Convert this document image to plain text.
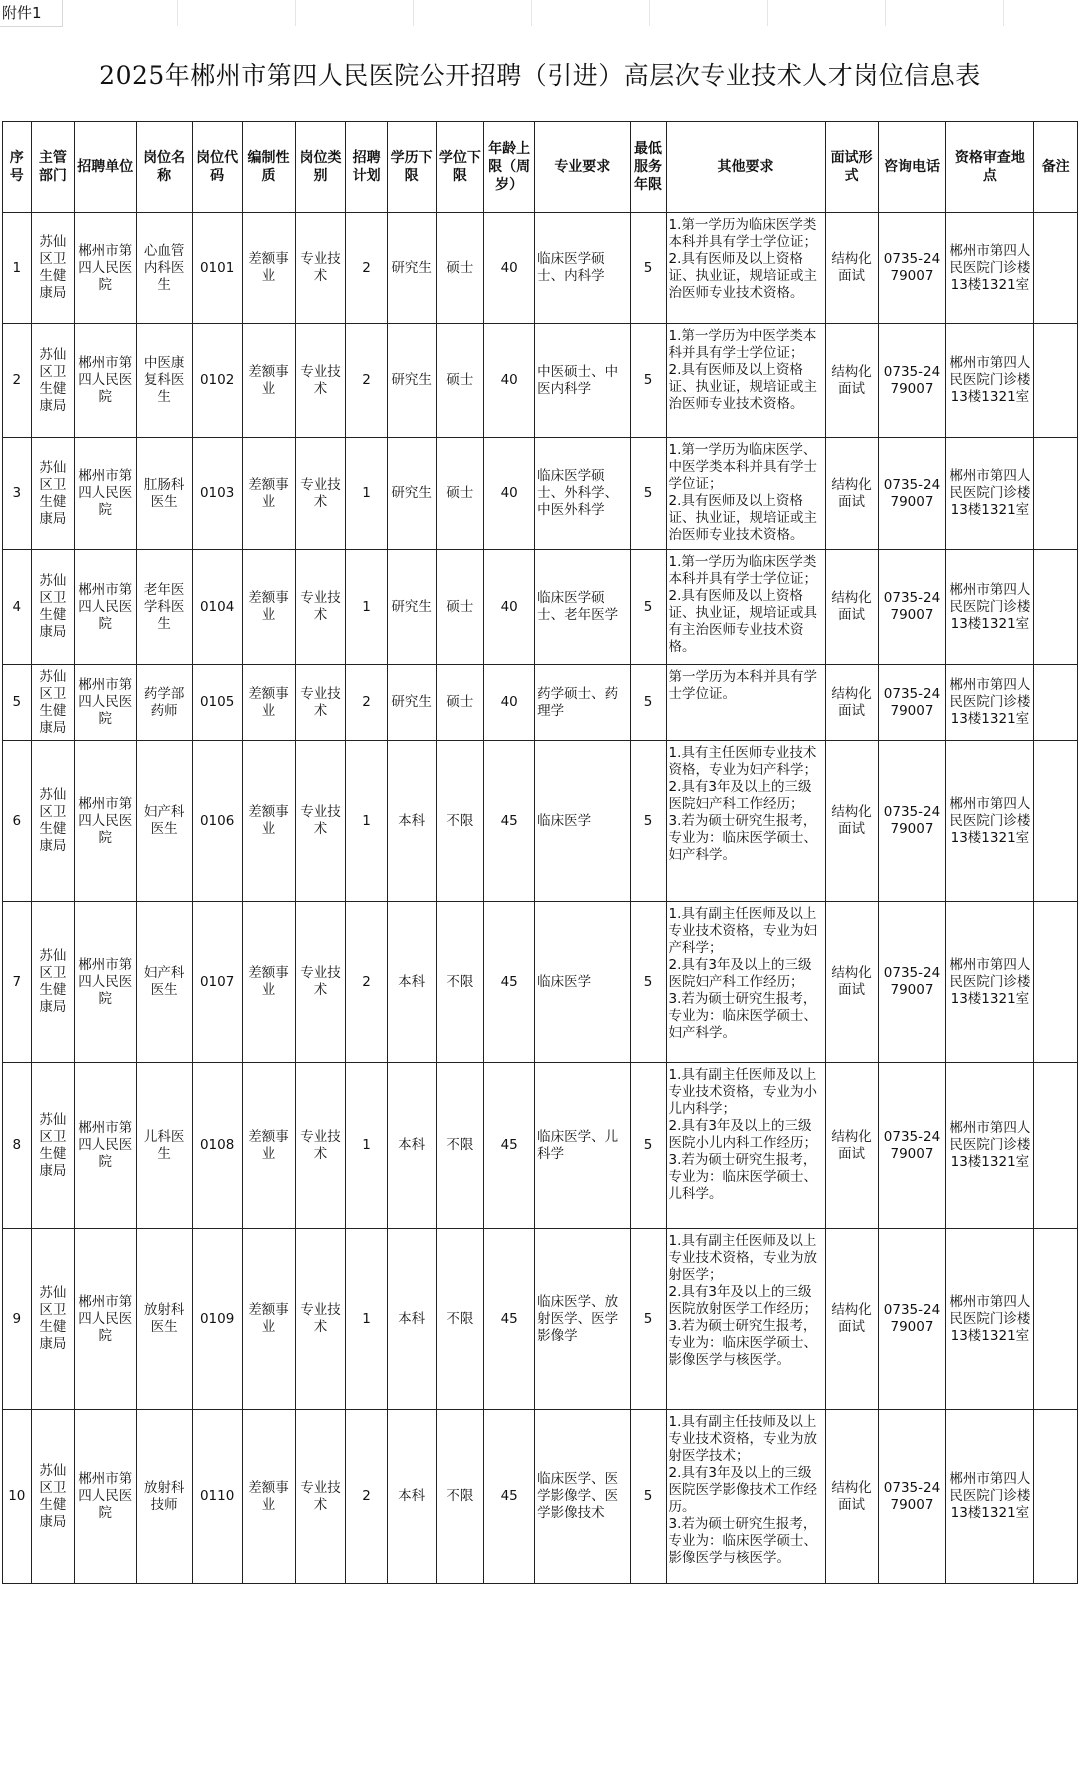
附件1
2025年郴州市第四人民医院公开招聘（引进）高层次专业技术人才岗位信息表
序号	主管部门	招聘单位	岗位名称	岗位代码	编制性质	岗位类别	招聘计划	学历下限	学位下限	年龄上限（周岁）	专业要求	最低服务年限	其他要求	面试形式	咨询电话	资格审查地点	备注
1	苏仙区卫生健康局	郴州市第四人民医院	心血管内科医生	0101	差额事业	专业技术	2	研究生	硕士	40	临床医学硕士、内科学	5	1.第一学历为临床医学类本科并具有学士学位证；
2.具有医师及以上资格证、执业证，规培证或主治医师专业技术资格。	结构化面试	0735-2479007	郴州市第四人民医院门诊楼13楼1321室	
2	苏仙区卫生健康局	郴州市第四人民医院	中医康复科医生	0102	差额事业	专业技术	2	研究生	硕士	40	中医硕士、中医内科学	5	1.第一学历为中医学类本科并具有学士学位证；
2.具有医师及以上资格证、执业证，规培证或主治医师专业技术资格。	结构化面试	0735-2479007	郴州市第四人民医院门诊楼13楼1321室	
3	苏仙区卫生健康局	郴州市第四人民医院	肛肠科医生	0103	差额事业	专业技术	1	研究生	硕士	40	临床医学硕士、外科学、中医外科学	5	1.第一学历为临床医学、中医学类本科并具有学士学位证；
2.具有医师及以上资格证、执业证，规培证或主治医师专业技术资格。	结构化面试	0735-2479007	郴州市第四人民医院门诊楼13楼1321室	
4	苏仙区卫生健康局	郴州市第四人民医院	老年医学科医生	0104	差额事业	专业技术	1	研究生	硕士	40	临床医学硕士、老年医学	5	1.第一学历为临床医学类本科并具有学士学位证；
2.具有医师及以上资格证、执业证，规培证或具有主治医师专业技术资格。	结构化面试	0735-2479007	郴州市第四人民医院门诊楼13楼1321室	
5	苏仙区卫生健康局	郴州市第四人民医院	药学部药师	0105	差额事业	专业技术	2	研究生	硕士	40	药学硕士、药理学	5	第一学历为本科并具有学士学位证。	结构化面试	0735-2479007	郴州市第四人民医院门诊楼13楼1321室	
6	苏仙区卫生健康局	郴州市第四人民医院	妇产科医生	0106	差额事业	专业技术	1	本科	不限	45	临床医学	5	1.具有主任医师专业技术资格，专业为妇产科学；
2.具有3年及以上的三级医院妇产科工作经历；
3.若为硕士研究生报考，专业为：临床医学硕士、妇产科学。	结构化面试	0735-2479007	郴州市第四人民医院门诊楼13楼1321室	
7	苏仙区卫生健康局	郴州市第四人民医院	妇产科医生	0107	差额事业	专业技术	2	本科	不限	45	临床医学	5	1.具有副主任医师及以上专业技术资格，专业为妇产科学；
2.具有3年及以上的三级医院妇产科工作经历；
3.若为硕士研究生报考，专业为：临床医学硕士、妇产科学。	结构化面试	0735-2479007	郴州市第四人民医院门诊楼13楼1321室	
8	苏仙区卫生健康局	郴州市第四人民医院	儿科医生	0108	差额事业	专业技术	1	本科	不限	45	临床医学、儿科学	5	1.具有副主任医师及以上专业技术资格，专业为小儿内科学；
2.具有3年及以上的三级医院小儿内科工作经历；
3.若为硕士研究生报考，专业为：临床医学硕士、儿科学。	结构化面试	0735-2479007	郴州市第四人民医院门诊楼13楼1321室	
9	苏仙区卫生健康局	郴州市第四人民医院	放射科医生	0109	差额事业	专业技术	1	本科	不限	45	临床医学、放射医学、医学影像学	5	1.具有副主任医师及以上专业技术资格，专业为放射医学；
2.具有3年及以上的三级医院放射医学工作经历；
3.若为硕士研究生报考，专业为：临床医学硕士、影像医学与核医学。	结构化面试	0735-2479007	郴州市第四人民医院门诊楼13楼1321室	
10	苏仙区卫生健康局	郴州市第四人民医院	放射科技师	0110	差额事业	专业技术	2	本科	不限	45	临床医学、医学影像学、医学影像技术	5	1.具有副主任技师及以上专业技术资格，专业为放射医学技术；
2.具有3年及以上的三级医院医学影像技术工作经历。
3.若为硕士研究生报考，专业为：临床医学硕士、影像医学与核医学。	结构化面试	0735-2479007	郴州市第四人民医院门诊楼13楼1321室	
